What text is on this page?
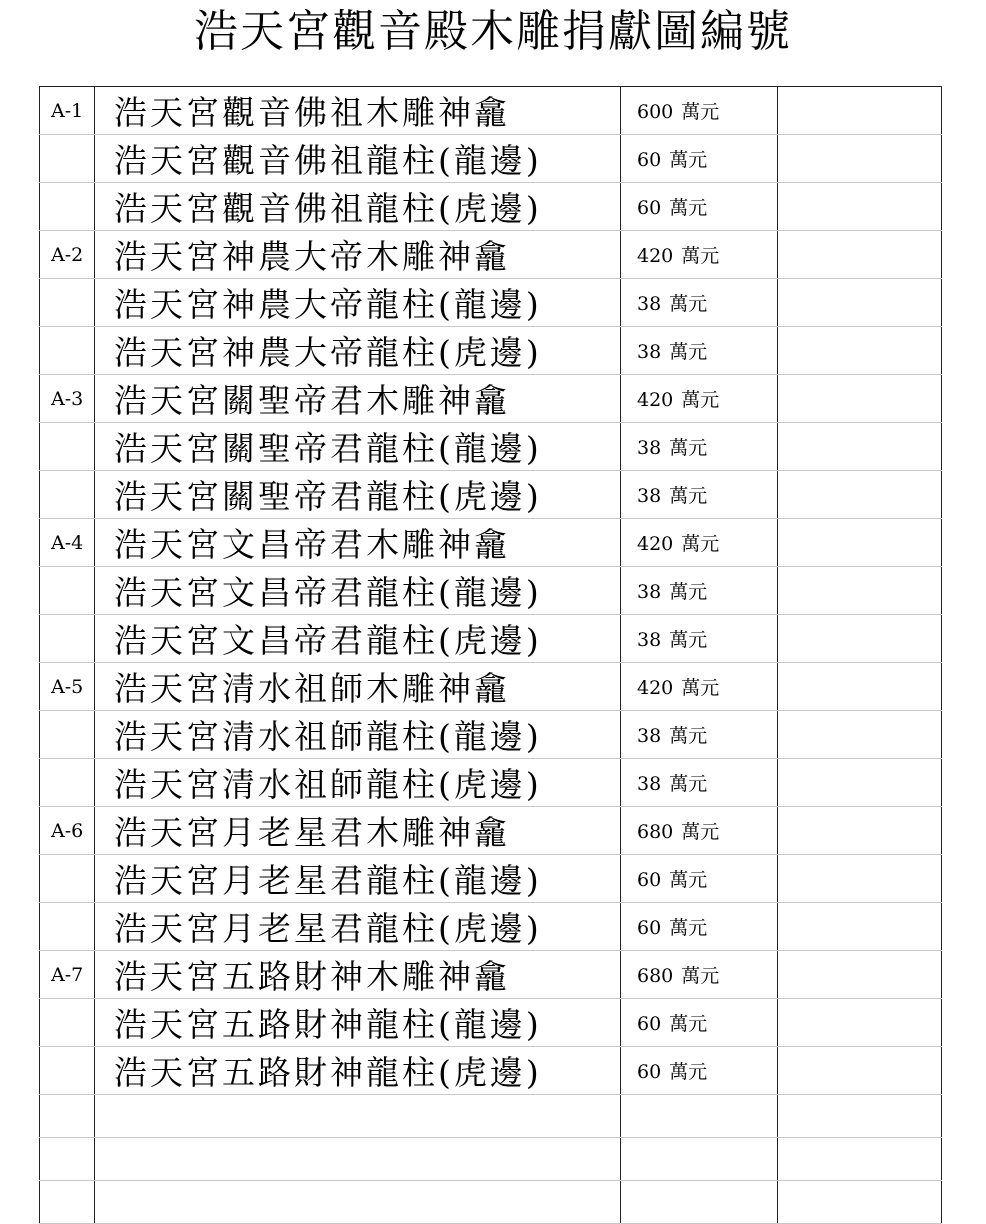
浩天宮觀音殿木雕捐獻圖編號
A-1	浩天宮觀音佛祖木雕神龕	600 萬元	
	浩天宮觀音佛祖龍柱(龍邊)	60 萬元	
	浩天宮觀音佛祖龍柱(虎邊)	60 萬元	
A-2	浩天宮神農大帝木雕神龕	420 萬元	
	浩天宮神農大帝龍柱(龍邊)	38 萬元	
	浩天宮神農大帝龍柱(虎邊)	38 萬元	
A-3	浩天宮關聖帝君木雕神龕	420 萬元	
	浩天宮關聖帝君龍柱(龍邊)	38 萬元	
	浩天宮關聖帝君龍柱(虎邊)	38 萬元	
A-4	浩天宮文昌帝君木雕神龕	420 萬元	
	浩天宮文昌帝君龍柱(龍邊)	38 萬元	
	浩天宮文昌帝君龍柱(虎邊)	38 萬元	
A-5	浩天宮清水祖師木雕神龕	420 萬元	
	浩天宮清水祖師龍柱(龍邊)	38 萬元	
	浩天宮清水祖師龍柱(虎邊)	38 萬元	
A-6	浩天宮月老星君木雕神龕	680 萬元	
	浩天宮月老星君龍柱(龍邊)	60 萬元	
	浩天宮月老星君龍柱(虎邊)	60 萬元	
A-7	浩天宮五路財神木雕神龕	680 萬元	
	浩天宮五路財神龍柱(龍邊)	60 萬元	
	浩天宮五路財神龍柱(虎邊)	60 萬元	
